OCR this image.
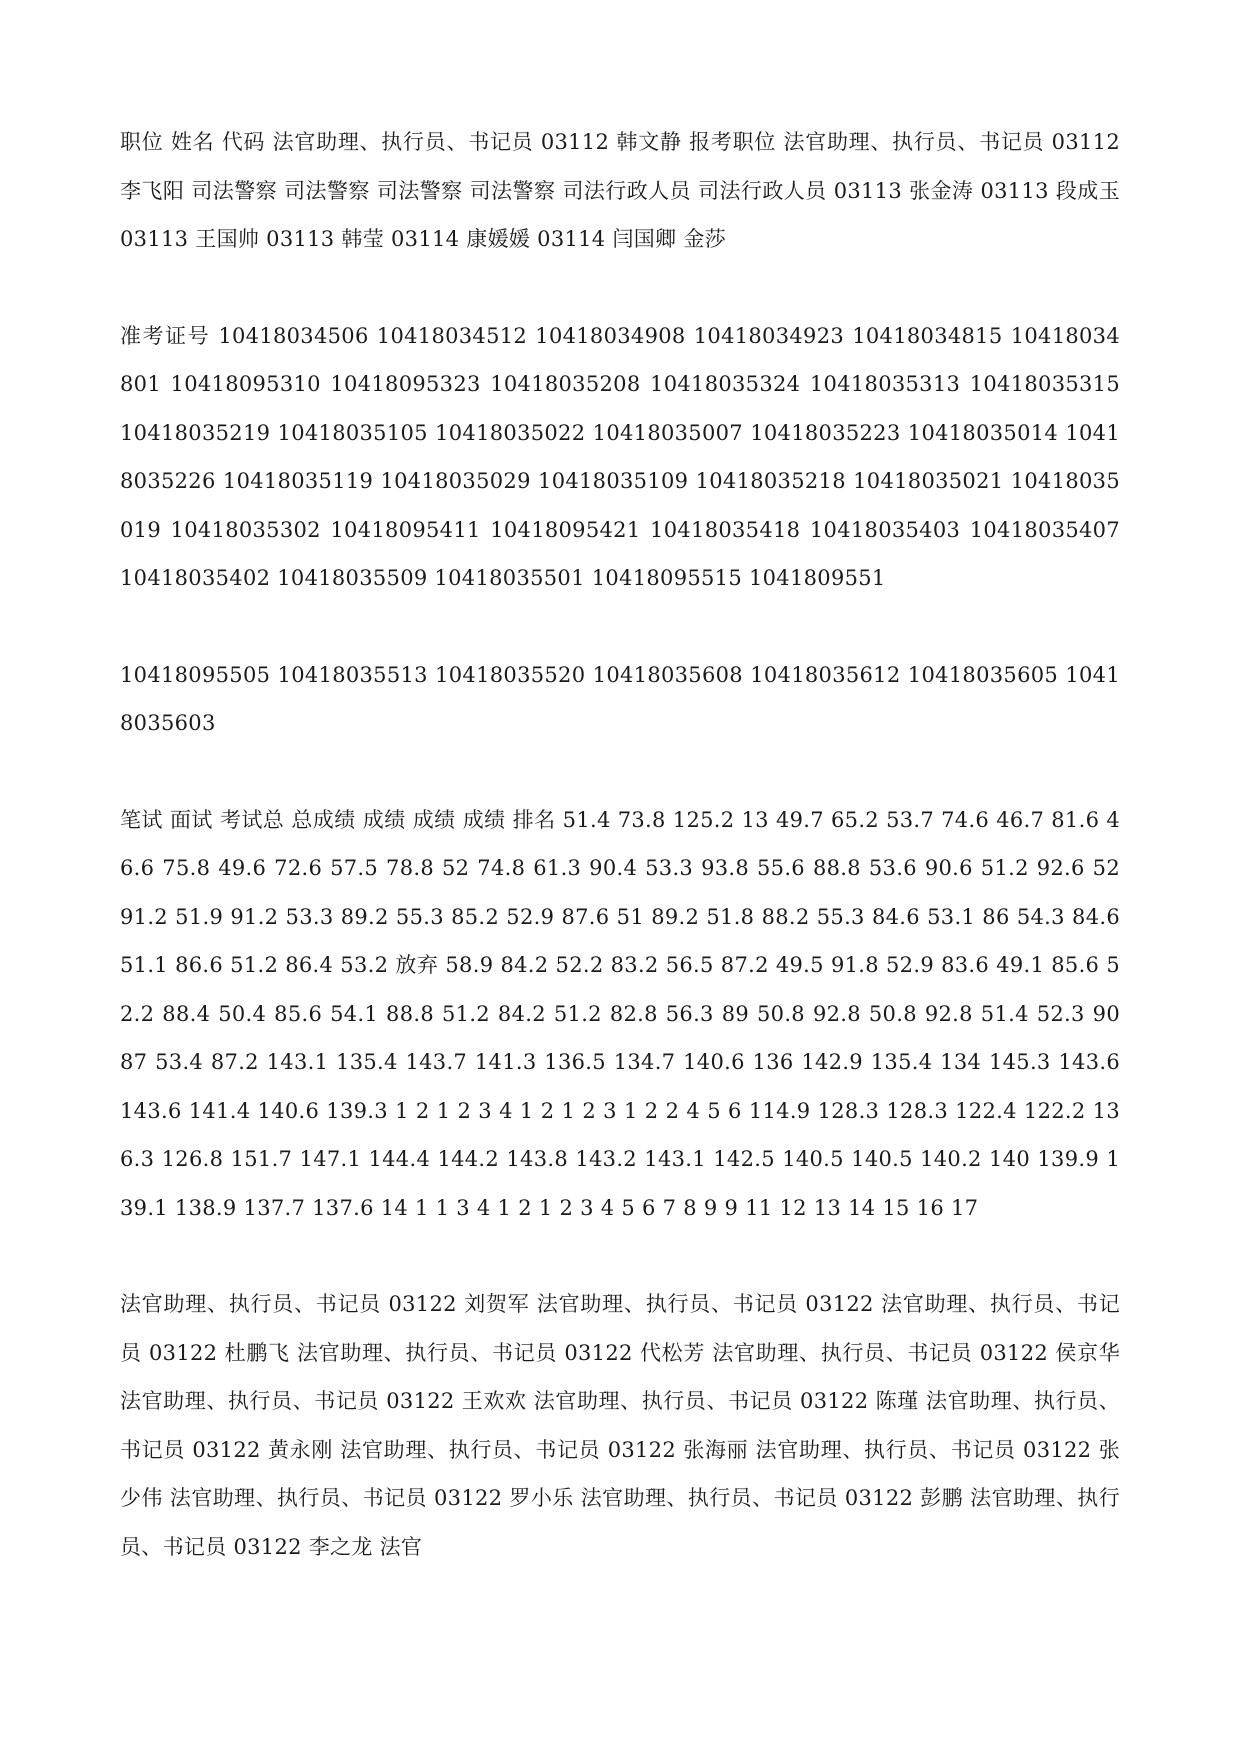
职位 姓名 代码 法官助理、执行员、书记员 03112 韩文静 报考职位 法官助理、执行员、书记员 03112 李飞阳 司法警察 司法警察 司法警察 司法警察 司法行政人员 司法行政人员 03113 张金涛 03113 段成玉 03113 王国帅 03113 韩莹 03114 康媛媛 03114 闫国卿 金莎

准考证号 10418034506 10418034512 10418034908 10418034923 10418034815 10418034801 10418095310 10418095323 10418035208 10418035324 10418035313 10418035315 10418035219 10418035105 10418035022 10418035007 10418035223 10418035014 10418035226 10418035119 10418035029 10418035109 10418035218 10418035021 10418035019 10418035302 10418095411 10418095421 10418035418 10418035403 10418035407 10418035402 10418035509 10418035501 10418095515 1041809551

10418095505 10418035513 10418035520 10418035608 10418035612 10418035605 10418035603

笔试 面试 考试总 总成绩 成绩 成绩 成绩 排名 51.4 73.8 125.2 13 49.7 65.2 53.7 74.6 46.7 81.6 46.6 75.8 49.6 72.6 57.5 78.8 52 74.8 61.3 90.4 53.3 93.8 55.6 88.8 53.6 90.6 51.2 92.6 52 91.2 51.9 91.2 53.3 89.2 55.3 85.2 52.9 87.6 51 89.2 51.8 88.2 55.3 84.6 53.1 86 54.3 84.6 51.1 86.6 51.2 86.4 53.2 放弃 58.9 84.2 52.2 83.2 56.5 87.2 49.5 91.8 52.9 83.6 49.1 85.6 52.2 88.4 50.4 85.6 54.1 88.8 51.2 84.2 51.2 82.8 56.3 89 50.8 92.8 50.8 92.8 51.4 52.3 90 87 53.4 87.2 143.1 135.4 143.7 141.3 136.5 134.7 140.6 136 142.9 135.4 134 145.3 143.6 143.6 141.4 140.6 139.3 1 2 1 2 3 4 1 2 1 2 3 1 2 2 4 5 6 114.9 128.3 128.3 122.4 122.2 136.3 126.8 151.7 147.1 144.4 144.2 143.8 143.2 143.1 142.5 140.5 140.5 140.2 140 139.9 139.1 138.9 137.7 137.6 14 1 1 3 4 1 2 1 2 3 4 5 6 7 8 9 9 11 12 13 14 15 16 17

法官助理、执行员、书记员 03122 刘贺军 法官助理、执行员、书记员 03122 法官助理、执行员、书记员 03122 杜鹏飞 法官助理、执行员、书记员 03122 代松芳 法官助理、执行员、书记员 03122 侯京华 法官助理、执行员、书记员 03122 王欢欢 法官助理、执行员、书记员 03122 陈瑾 法官助理、执行员、书记员 03122 黄永刚 法官助理、执行员、书记员 03122 张海丽 法官助理、执行员、书记员 03122 张少伟 法官助理、执行员、书记员 03122 罗小乐 法官助理、执行员、书记员 03122 彭鹏 法官助理、执行员、书记员 03122 李之龙 法官
